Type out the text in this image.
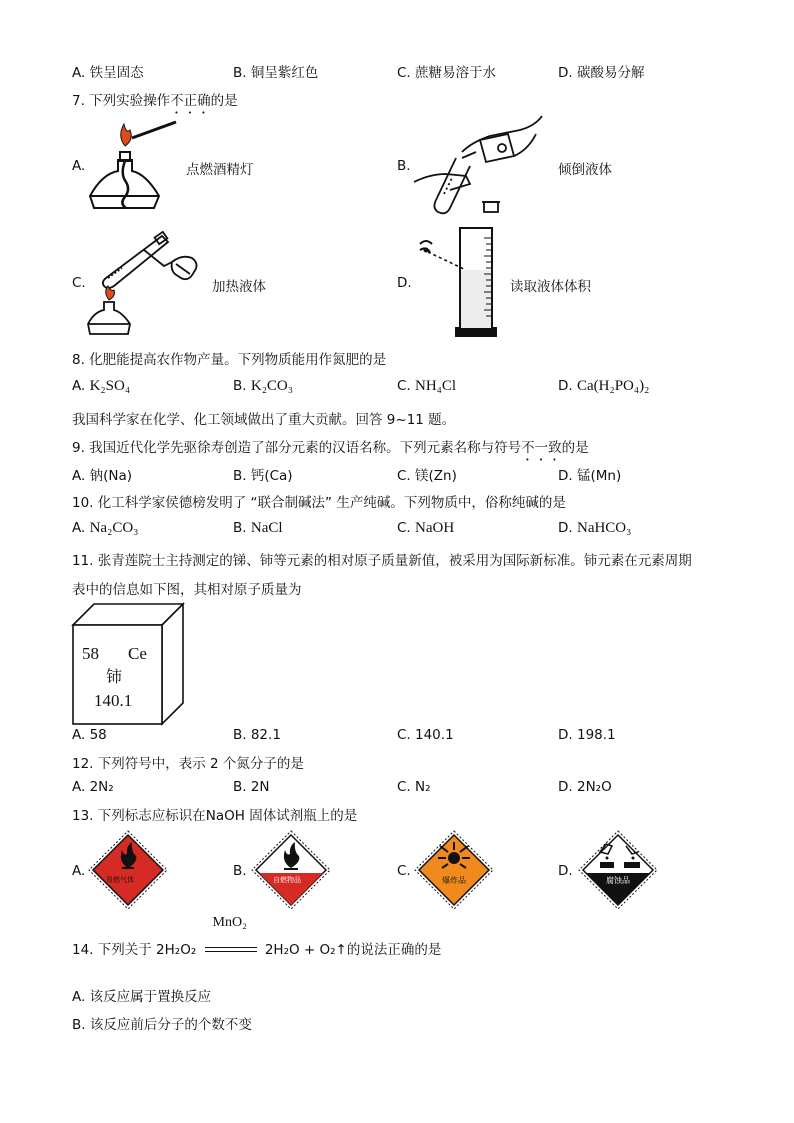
A. 铁呈固态	B. 铜呈紫红色	C. 蔗糖易溶于水	D. 碳酸易分解
7. 下列实验操作不正确的是
A.	点燃酒精灯	B.	倾倒液体
C.	加热液体	D.	读取液体体积
8. 化肥能提高农作物产量。下列物质能用作氮肥的是
A. K₂SO₄	B. K₂CO₃	C. NH₄Cl	D. Ca(H₂PO₄)₂
我国科学家在化学、化工领域做出了重大贡献。回答 9~11 题。
9. 我国近代化学先驱徐寿创造了部分元素的汉语名称。下列元素名称与符号不一致的是
A. 钠(Na)	B. 钙(Ca)	C. 镁(Zn)	D. 锰(Mn)
10. 化工科学家侯德榜发明了 “联合制碱法” 生产纯碱。下列物质中，俗称纯碱的是
A. Na₂CO₃	B. NaCl	C. NaOH	D. NaHCO₃
11. 张青莲院士主持测定的锑、铈等元素的相对原子质量新值，被采用为国际新标准。铈元素在元素周期
表中的信息如下图，其相对原子质量为
58 Ce
铈
140.1
A. 58	B. 82.1	C. 140.1	D. 198.1
12. 下列符号中，表示 2 个氮分子的是
A. 2N₂	B. 2N	C. N₂	D. 2N₂O
13. 下列标志应标识在NaOH 固体试剂瓶上的是
A.
易燃气体
B.
自燃物品
C.
爆炸品
D.
腐蚀品
14. 下列关于 2H₂O₂
MnO₂
2H₂O + O₂↑的说法正确的是
A. 该反应属于置换反应
B. 该反应前后分子的个数不变
